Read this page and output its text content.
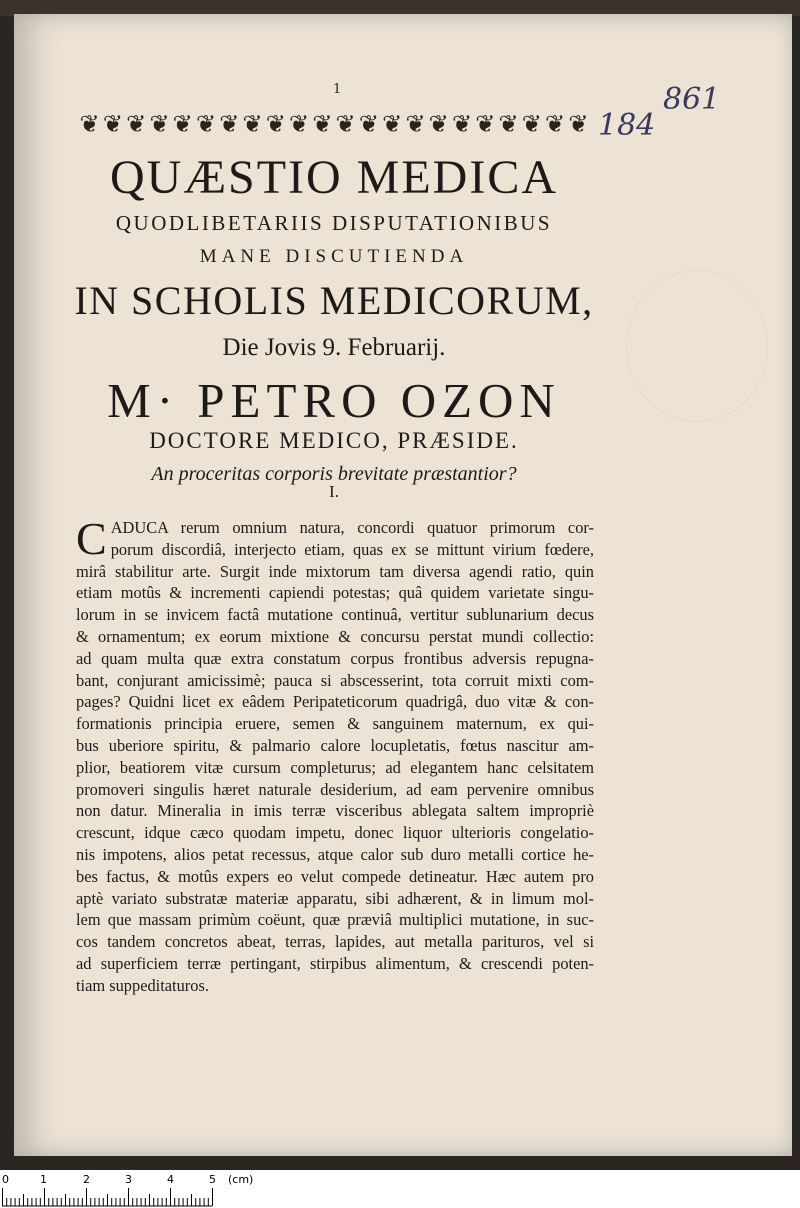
1	861
184
❦ ❦ ❦ ❦ ❦ ❦ ❦ ❦ ❦ ❦ ❦ ❦ ❦ ❦ ❦ ❦ ❦ ❦ ❦ ❦ ❦ ❦
QUÆSTIO MEDICA
QUODLIBETARIIS DISPUTATIONIBUS
MANE DISCUTIENDA
IN SCHOLIS MEDICORUM,
Die Jovis 9. Februarij.
M· PETRO OZON
DOCTORE MEDICO, PRÆSIDE.
An proceritas corporis brevitate præstantior?
I.
C ADUCA rerum omnium natura, concordi quatuor primorum cor-
porum discordiâ, interjecto etiam, quas ex se mittunt virium fœdere,
mirâ stabilitur arte. Surgit inde mixtorum tam diversa agendi ratio, quin
etiam motûs & incrementi capiendi potestas; quâ quidem varietate singu-
lorum in se invicem factâ mutatione continuâ, vertitur sublunarium decus
& ornamentum; ex eorum mixtione & concursu perstat mundi collectio:
ad quam multa quæ extra constatum corpus frontibus adversis repugna-
bant, conjurant amicissimè; pauca si abscesserint, tota corruit mixti com-
pages? Quidni licet ex eâdem Peripateticorum quadrigâ, duo vitæ & con-
formationis principia eruere, semen & sanguinem maternum, ex qui-
bus uberiore spiritu, & palmario calore locupletatis, fœtus nascitur am-
plior, beatiorem vitæ cursum completurus; ad elegantem hanc celsitatem
promoveri singulis hæret naturale desiderium, ad eam pervenire omnibus
non datur. Mineralia in imis terræ visceribus ablegata saltem impropriè
crescunt, idque cæco quodam impetu, donec liquor ulterioris congelatio-
nis impotens, alios petat recessus, atque calor sub duro metalli cortice he-
bes factus, & motûs expers eo velut compede detineatur. Hæc autem pro
aptè variato substratæ materiæ apparatu, sibi adhærent, & in limum mol-
lem que massam primùm coëunt, quæ præviâ multiplici mutatione, in suc-
cos tandem concretos abeat, terras, lapides, aut metalla parituros, vel si
ad superficiem terræ pertingant, stirpibus alimentum, & crescendi poten-
tiam suppeditaturos.
0	1	2	3	4	5 (cm)
